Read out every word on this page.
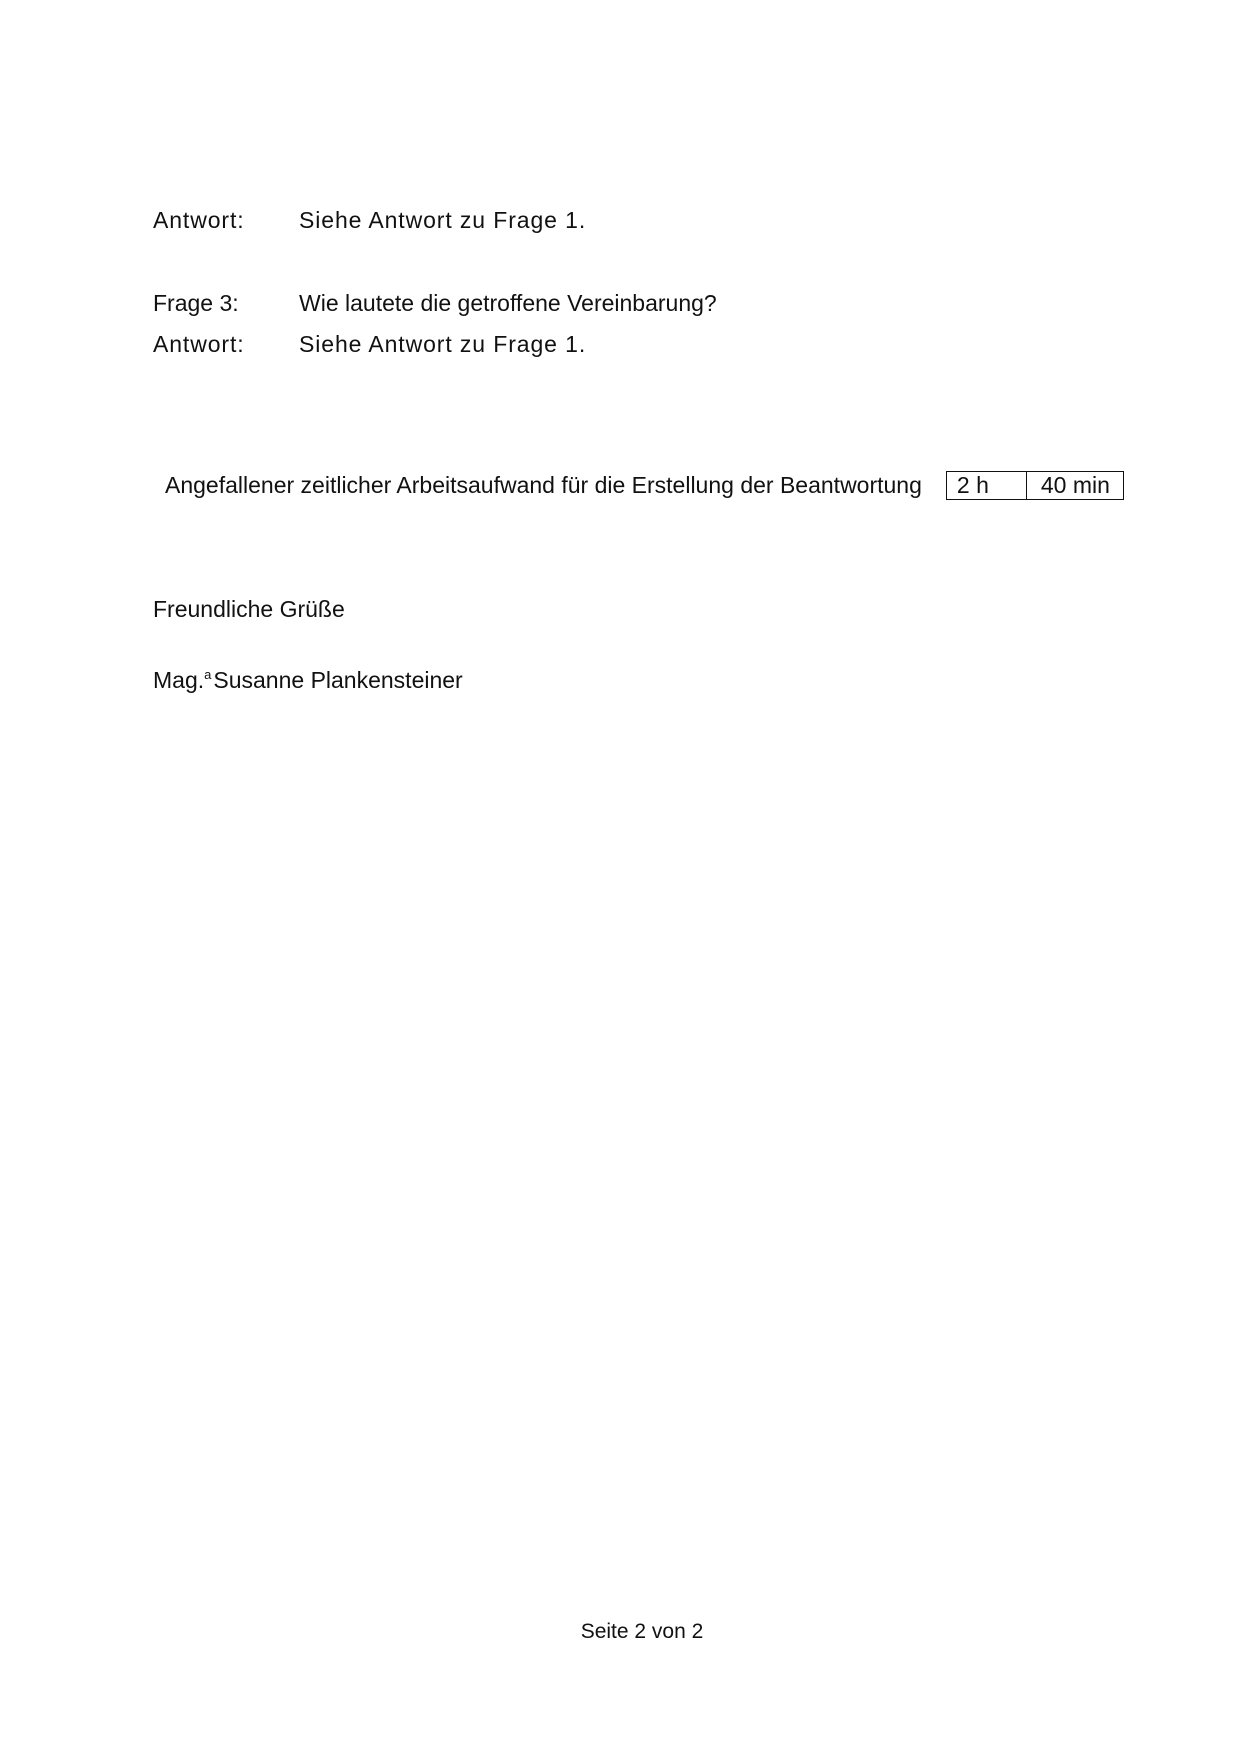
Antwort:	Siehe Antwort zu Frage 1.
Frage 3:	Wie lautete die getroffene Vereinbarung?
Antwort:	Siehe Antwort zu Frage 1.
Angefallener zeitlicher Arbeitsaufwand für die Erstellung der Beantwortung	2 h	40 min
Freundliche Grüße
Mag.$^a$Susanne Plankensteiner
Seite 2 von 2
